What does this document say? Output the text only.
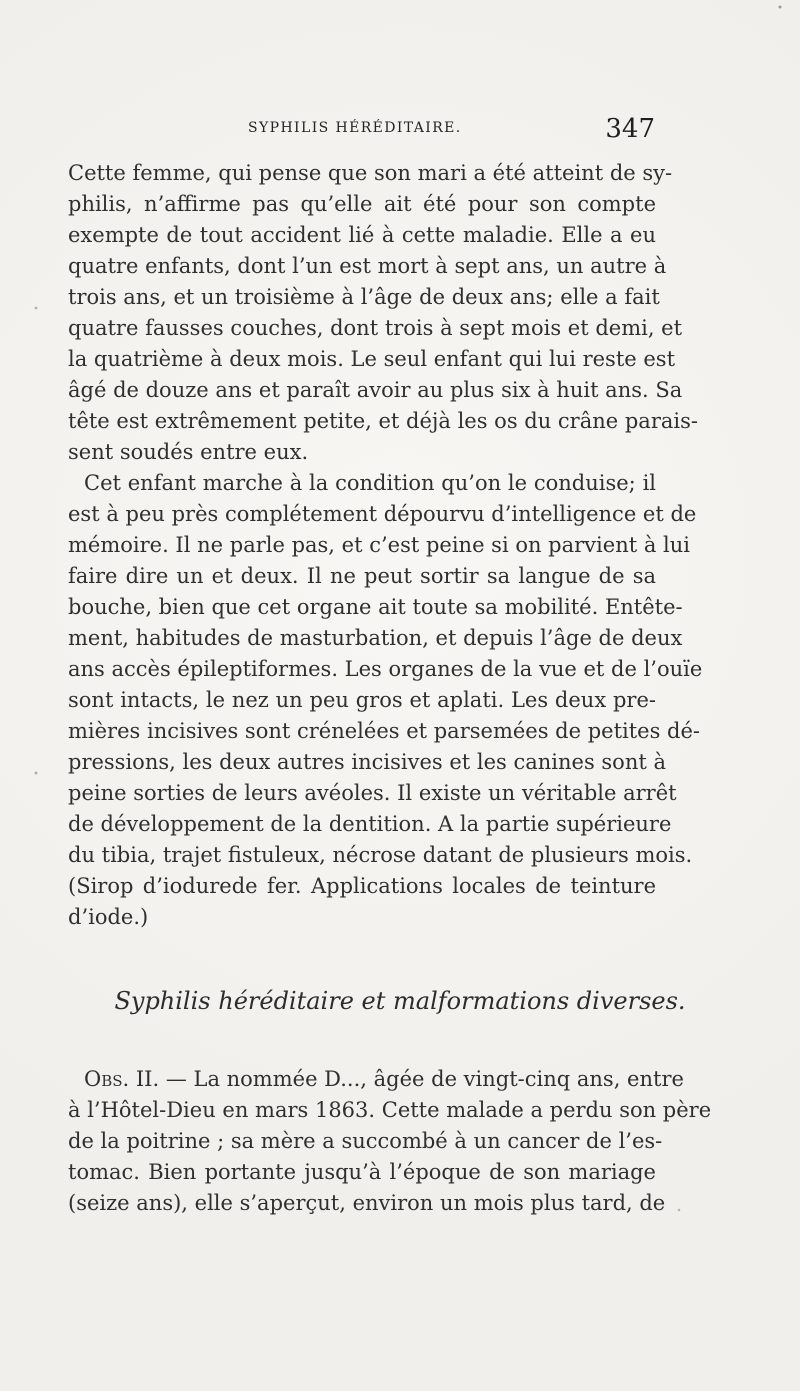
SYPHILIS HÉRÉDITAIRE.	347
Cette femme, qui pense que son mari a été atteint de sy-
philis, n’affirme pas qu’elle ait été pour son compte
exempte de tout accident lié à cette maladie. Elle a eu
quatre enfants, dont l’un est mort à sept ans, un autre à
trois ans, et un troisième à l’âge de deux ans; elle a fait
quatre fausses couches, dont trois à sept mois et demi, et
la quatrième à deux mois. Le seul enfant qui lui reste est
âgé de douze ans et paraît avoir au plus six à huit ans. Sa
tête est extrêmement petite, et déjà les os du crâne parais-
sent soudés entre eux.
Cet enfant marche à la condition qu’on le conduise; il
est à peu près complétement dépourvu d’intelligence et de
mémoire. Il ne parle pas, et c’est peine si on parvient à lui
faire dire un et deux. Il ne peut sortir sa langue de sa
bouche, bien que cet organe ait toute sa mobilité. Entête-
ment, habitudes de masturbation, et depuis l’âge de deux
ans accès épileptiformes. Les organes de la vue et de l’ouïe
sont intacts, le nez un peu gros et aplati. Les deux pre-
mières incisives sont crénelées et parsemées de petites dé-
pressions, les deux autres incisives et les canines sont à
peine sorties de leurs avéoles. Il existe un véritable arrêt
de développement de la dentition. A la partie supérieure
du tibia, trajet fistuleux, nécrose datant de plusieurs mois.
(Sirop d’iodurede fer. Applications locales de teinture
d’iode.)
Syphilis héréditaire et malformations diverses.
Obs. II. — La nommée D..., âgée de vingt-cinq ans, entre
à l’Hôtel-Dieu en mars 1863. Cette malade a perdu son père
de la poitrine ; sa mère a succombé à un cancer de l’es-
tomac. Bien portante jusqu’à l’époque de son mariage
(seize ans), elle s’aperçut, environ un mois plus tard, de
